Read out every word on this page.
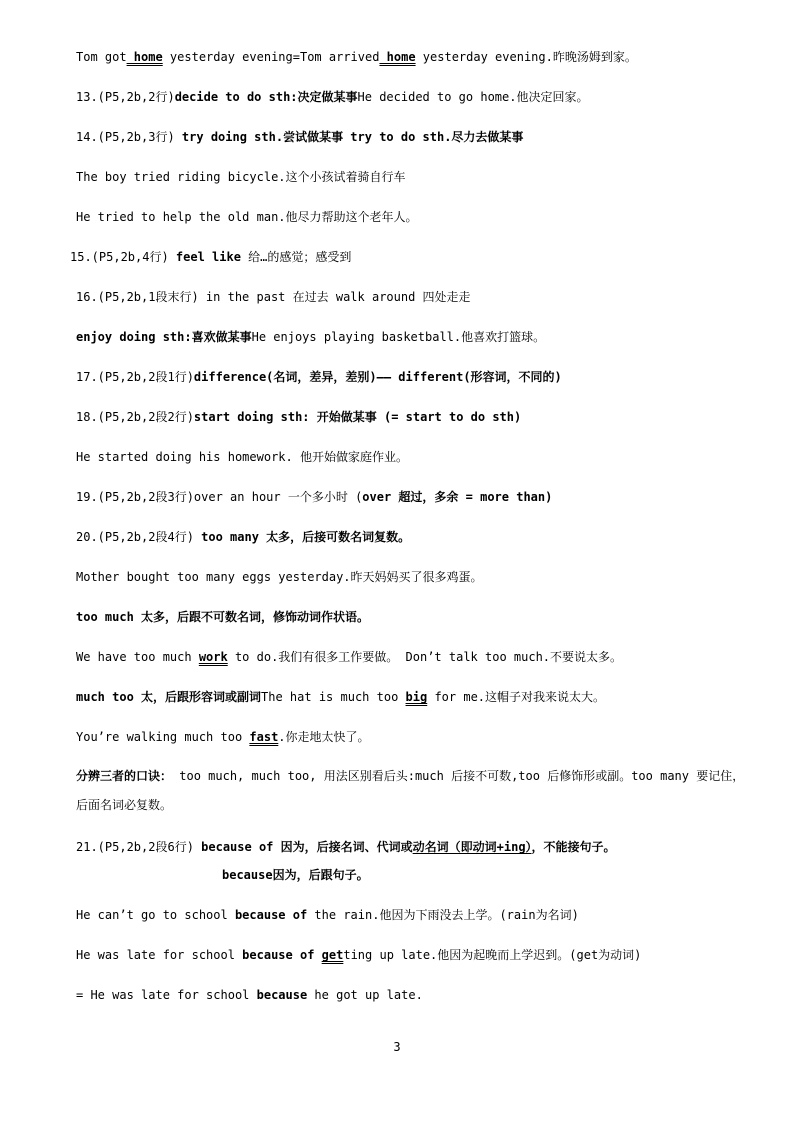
Tom got home yesterday evening=Tom arrived home yesterday evening.昨晚汤姆到家。
13.(P5,2b,2行)decide to do sth:决定做某事He decided to go home.他决定回家。
14.(P5,2b,3行) try doing sth.尝试做某事 try to do sth.尽力去做某事
The boy tried riding bicycle.这个小孩试着骑自行车
He tried to help the old man.他尽力帮助这个老年人。
15.(P5,2b,4行) feel like 给…的感觉；感受到
16.(P5,2b,1段末行) in the past 在过去 walk around 四处走走
enjoy doing sth:喜欢做某事He enjoys playing basketball.他喜欢打篮球。
17.(P5,2b,2段1行)difference(名词，差异，差别)—— different(形容词，不同的)
18.(P5,2b,2段2行)start doing sth: 开始做某事 (= start to do sth)
He started doing his homework. 他开始做家庭作业。
19.(P5,2b,2段3行)over an hour 一个多小时 (over 超过，多余 = more than)
20.(P5,2b,2段4行) too many 太多，后接可数名词复数。
Mother bought too many eggs yesterday.昨天妈妈买了很多鸡蛋。
too much 太多，后跟不可数名词，修饰动词作状语。
We have too much work to do.我们有很多工作要做。 Don’t talk too much.不要说太多。
much too 太，后跟形容词或副词The hat is much too big for me.这帽子对我来说太大。
You’re walking much too fast.你走地太快了。
分辨三者的口诀： too much, much too, 用法区别看后头:much 后接不可数,too 后修饰形或副。too many 要记住，后面名词必复数。
21.(P5,2b,2段6行) because of 因为，后接名词、代词或动名词（即动词+ing），不能接句子。
because因为，后跟句子。
He can’t go to school because of the rain.他因为下雨没去上学。(rain为名词)
He was late for school because of getting up late.他因为起晚而上学迟到。(get为动词)
= He was late for school because he got up late.
3
